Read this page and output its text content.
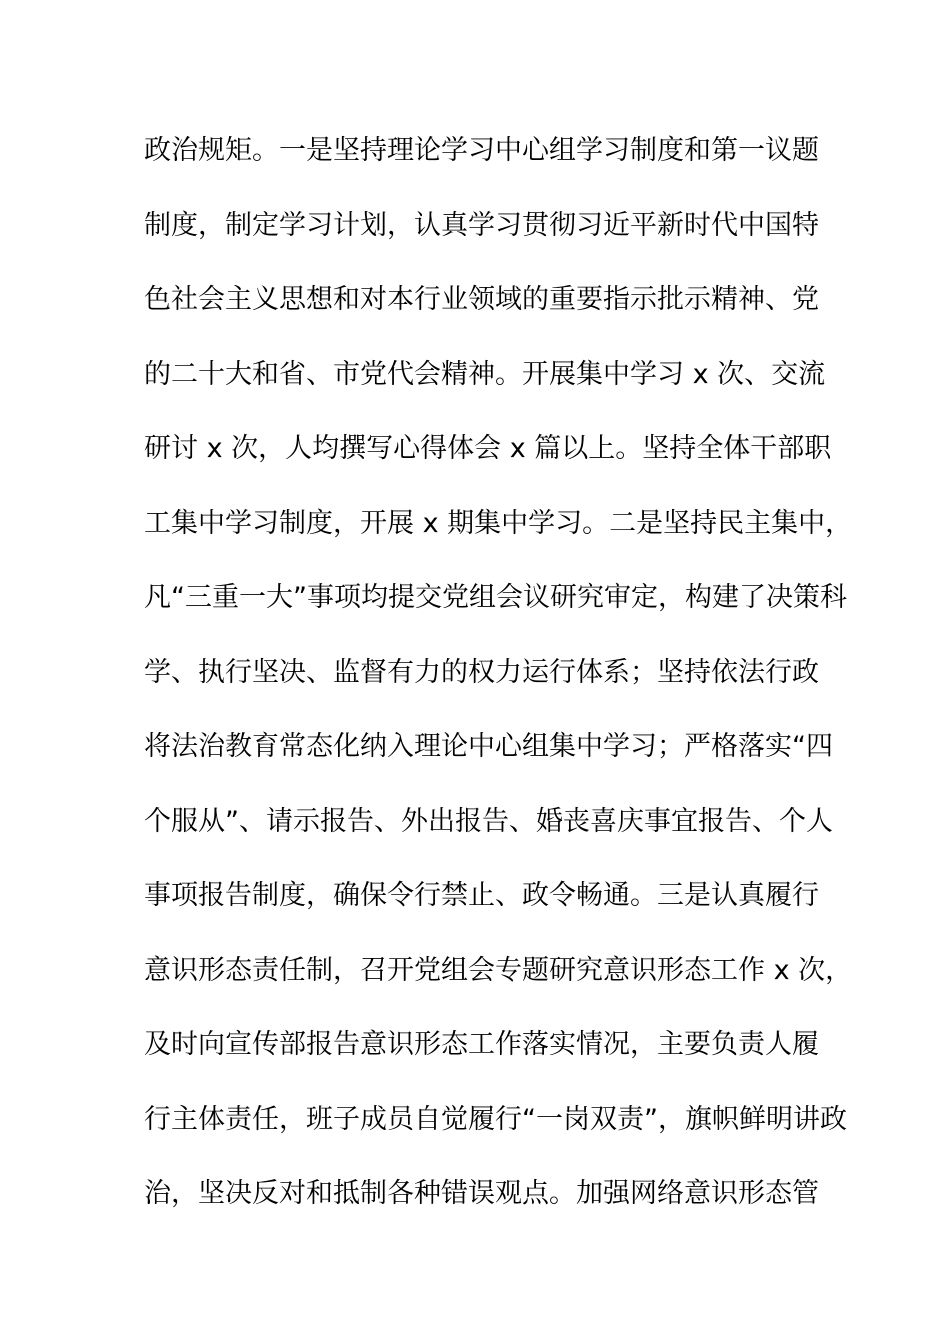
政治规矩。一是坚持理论学习中心组学习制度和第一议题
制度，制定学习计划，认真学习贯彻习近平新时代中国特
色社会主义思想和对本行业领域的重要指示批示精神、党
的二十大和省、市党代会精神。开展集中学习 x 次、交流
研讨 x 次，人均撰写心得体会 x 篇以上。坚持全体干部职
工集中学习制度，开展 x 期集中学习。二是坚持民主集中，
凡“三重一大”事项均提交党组会议研究审定，构建了决策科
学、执行坚决、监督有力的权力运行体系；坚持依法行政
将法治教育常态化纳入理论中心组集中学习；严格落实“四
个服从”、请示报告、外出报告、婚丧喜庆事宜报告、个人
事项报告制度，确保令行禁止、政令畅通。三是认真履行
意识形态责任制，召开党组会专题研究意识形态工作 x 次，
及时向宣传部报告意识形态工作落实情况，主要负责人履
行主体责任，班子成员自觉履行“一岗双责”，旗帜鲜明讲政
治，坚决反对和抵制各种错误观点。加强网络意识形态管
